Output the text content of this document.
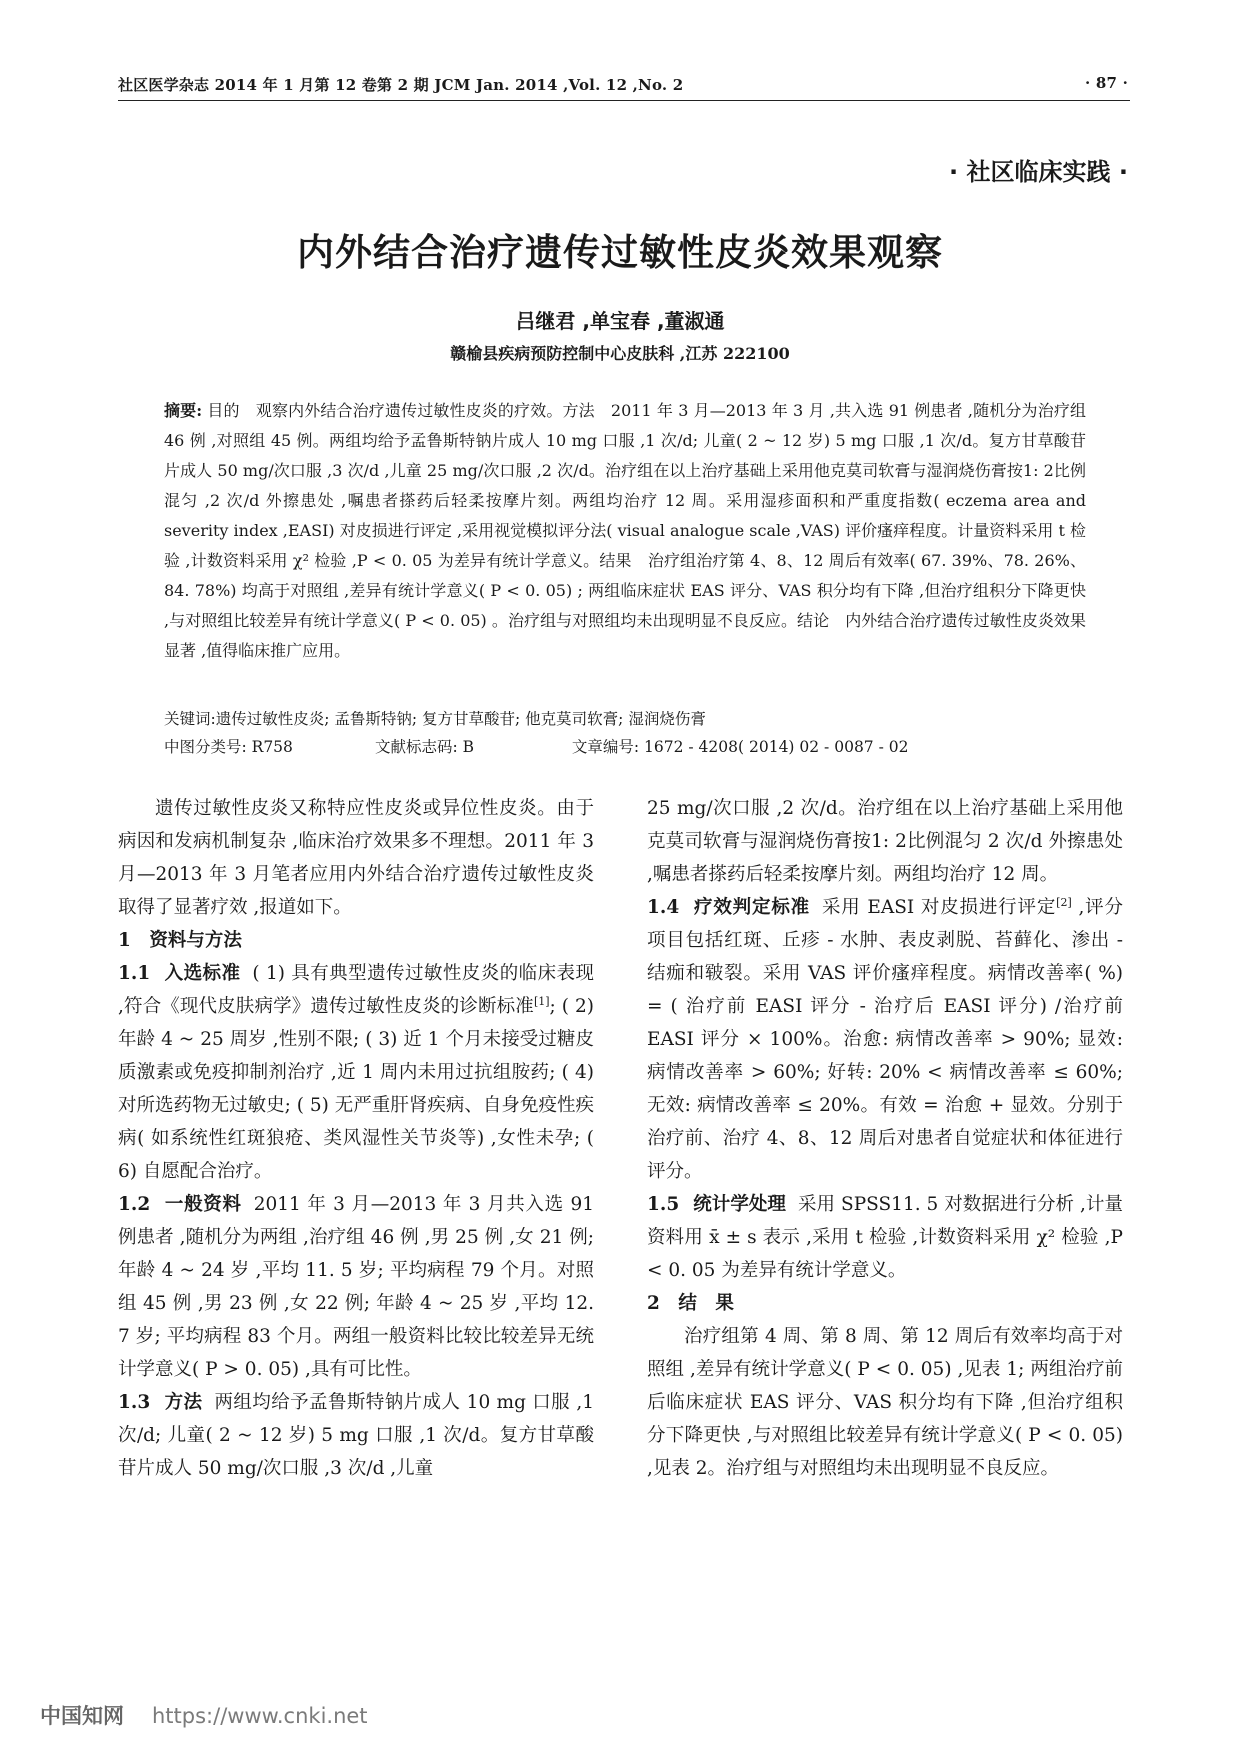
社区医学杂志 2014 年 1 月第 12 卷第 2 期 JCM Jan. 2014 ,Vol. 12 ,No. 2	· 87 ·
· 社区临床实践 ·
内外结合治疗遗传过敏性皮炎效果观察
吕继君 ,单宝春 ,董淑通
赣榆县疾病预防控制中心皮肤科 ,江苏 222100
摘要: 目的　观察内外结合治疗遗传过敏性皮炎的疗效。方法　2011 年 3 月—2013 年 3 月 ,共入选 91 例患者 ,随机分为治疗组 46 例 ,对照组 45 例。两组均给予孟鲁斯特钠片成人 10 mg 口服 ,1 次/d; 儿童( 2 ~ 12 岁) 5 mg 口服 ,1 次/d。复方甘草酸苷片成人 50 mg/次口服 ,3 次/d ,儿童 25 mg/次口服 ,2 次/d。治疗组在以上治疗基础上采用他克莫司软膏与湿润烧伤膏按1: 2比例混匀 ,2 次/d 外擦患处 ,嘱患者搽药后轻柔按摩片刻。两组均治疗 12 周。采用湿疹面积和严重度指数( eczema area and severity index ,EASI) 对皮损进行评定 ,采用视觉模拟评分法( visual analogue scale ,VAS) 评价瘙痒程度。计量资料采用 t 检验 ,计数资料采用 χ² 检验 ,P < 0. 05 为差异有统计学意义。结果　治疗组治疗第 4、8、12 周后有效率( 67. 39%、78. 26%、84. 78%) 均高于对照组 ,差异有统计学意义( P < 0. 05) ; 两组临床症状 EAS 评分、VAS 积分均有下降 ,但治疗组积分下降更快 ,与对照组比较差异有统计学意义( P < 0. 05) 。治疗组与对照组均未出现明显不良反应。结论　内外结合治疗遗传过敏性皮炎效果显著 ,值得临床推广应用。
关键词:遗传过敏性皮炎; 孟鲁斯特钠; 复方甘草酸苷; 他克莫司软膏; 湿润烧伤膏
中图分类号: R758	文献标志码: B	文章编号: 1672 - 4208( 2014) 02 - 0087 - 02

遗传过敏性皮炎又称特应性皮炎或异位性皮炎。由于病因和发病机制复杂 ,临床治疗效果多不理想。2011 年 3 月—2013 年 3 月笔者应用内外结合治疗遗传过敏性皮炎取得了显著疗效 ,报道如下。

1　资料与方法

1.1 入选标准 ( 1) 具有典型遗传过敏性皮炎的临床表现 ,符合《现代皮肤病学》遗传过敏性皮炎的诊断标准[1]; ( 2) 年龄 4 ~ 25 周岁 ,性别不限; ( 3) 近 1 个月未接受过糖皮质激素或免疫抑制剂治疗 ,近 1 周内未用过抗组胺药; ( 4) 对所选药物无过敏史; ( 5) 无严重肝肾疾病、自身免疫性疾病( 如系统性红斑狼疮、类风湿性关节炎等) ,女性未孕; ( 6) 自愿配合治疗。

1.2 一般资料 2011 年 3 月—2013 年 3 月共入选 91 例患者 ,随机分为两组 ,治疗组 46 例 ,男 25 例 ,女 21 例; 年龄 4 ~ 24 岁 ,平均 11. 5 岁; 平均病程 79 个月。对照组 45 例 ,男 23 例 ,女 22 例; 年龄 4 ~ 25 岁 ,平均 12. 7 岁; 平均病程 83 个月。两组一般资料比较比较差异无统计学意义( P > 0. 05) ,具有可比性。

1.3 方法 两组均给予孟鲁斯特钠片成人 10 mg 口服 ,1 次/d; 儿童( 2 ~ 12 岁) 5 mg 口服 ,1 次/d。复方甘草酸苷片成人 50 mg/次口服 ,3 次/d ,儿童

25 mg/次口服 ,2 次/d。治疗组在以上治疗基础上采用他克莫司软膏与湿润烧伤膏按1: 2比例混匀 2 次/d 外擦患处 ,嘱患者搽药后轻柔按摩片刻。两组均治疗 12 周。

1.4 疗效判定标准 采用 EASI 对皮损进行评定[2] ,评分项目包括红斑、丘疹 - 水肿、表皮剥脱、苔藓化、渗出 - 结痂和皲裂。采用 VAS 评价瘙痒程度。病情改善率( %) = ( 治疗前 EASI 评分 - 治疗后 EASI 评分) /治疗前 EASI 评分 × 100%。治愈: 病情改善率 > 90%; 显效: 病情改善率 > 60%; 好转: 20% < 病情改善率 ≤ 60%; 无效: 病情改善率 ≤ 20%。有效 = 治愈 + 显效。分别于治疗前、治疗 4、8、12 周后对患者自觉症状和体征进行评分。

1.5 统计学处理 采用 SPSS11. 5 对数据进行分析 ,计量资料用 x̄ ± s 表示 ,采用 t 检验 ,计数资料采用 χ² 检验 ,P < 0. 05 为差异有统计学意义。

2　结　果

治疗组第 4 周、第 8 周、第 12 周后有效率均高于对照组 ,差异有统计学意义( P < 0. 05) ,见表 1; 两组治疗前后临床症状 EAS 评分、VAS 积分均有下降 ,但治疗组积分下降更快 ,与对照组比较差异有统计学意义( P < 0. 05) ,见表 2。治疗组与对照组均未出现明显不良反应。

中国知网 https://www.cnki.net
